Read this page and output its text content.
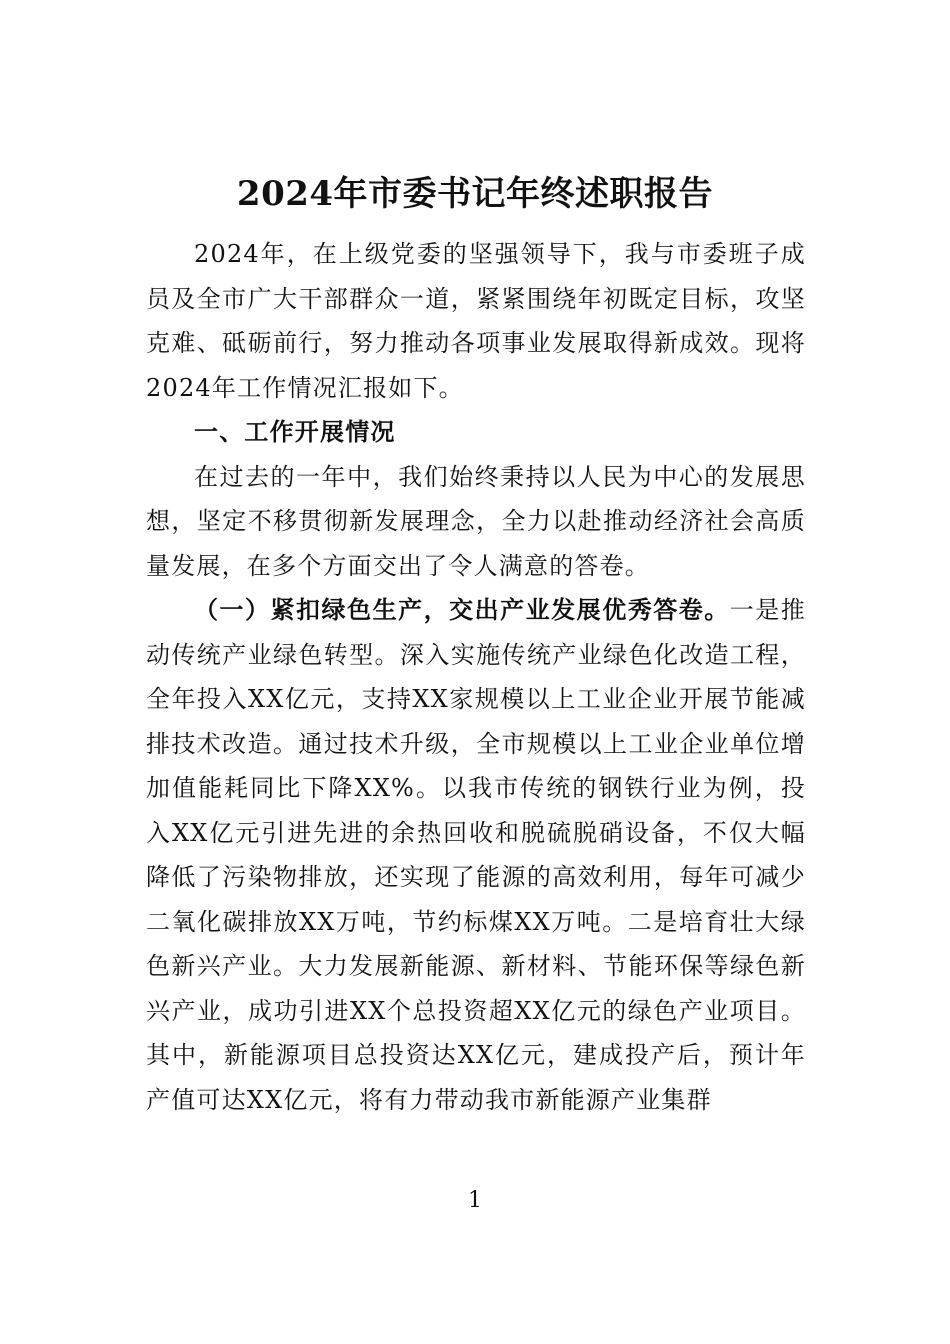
2024年市委书记年终述职报告

2024年，在上级党委的坚强领导下，我与市委班子成员及全市广大干部群众一道，紧紧围绕年初既定目标，攻坚克难、砥砺前行，努力推动各项事业发展取得新成效。现将2024年工作情况汇报如下。

一、工作开展情况

在过去的一年中，我们始终秉持以人民为中心的发展思想，坚定不移贯彻新发展理念，全力以赴推动经济社会高质量发展，在多个方面交出了令人满意的答卷。

（一）紧扣绿色生产，交出产业发展优秀答卷。一是推动传统产业绿色转型。深入实施传统产业绿色化改造工程，全年投入XX亿元，支持XX家规模以上工业企业开展节能减排技术改造。通过技术升级，全市规模以上工业企业单位增加值能耗同比下降XX%。以我市传统的钢铁行业为例，投入XX亿元引进先进的余热回收和脱硫脱硝设备，不仅大幅降低了污染物排放，还实现了能源的高效利用，每年可减少二氧化碳排放XX万吨，节约标煤XX万吨。二是培育壮大绿色新兴产业。大力发展新能源、新材料、节能环保等绿色新兴产业，成功引进XX个总投资超XX亿元的绿色产业项目。其中，新能源项目总投资达XX亿元，建成投产后，预计年产值可达XX亿元，将有力带动我市新能源产业集群

1
